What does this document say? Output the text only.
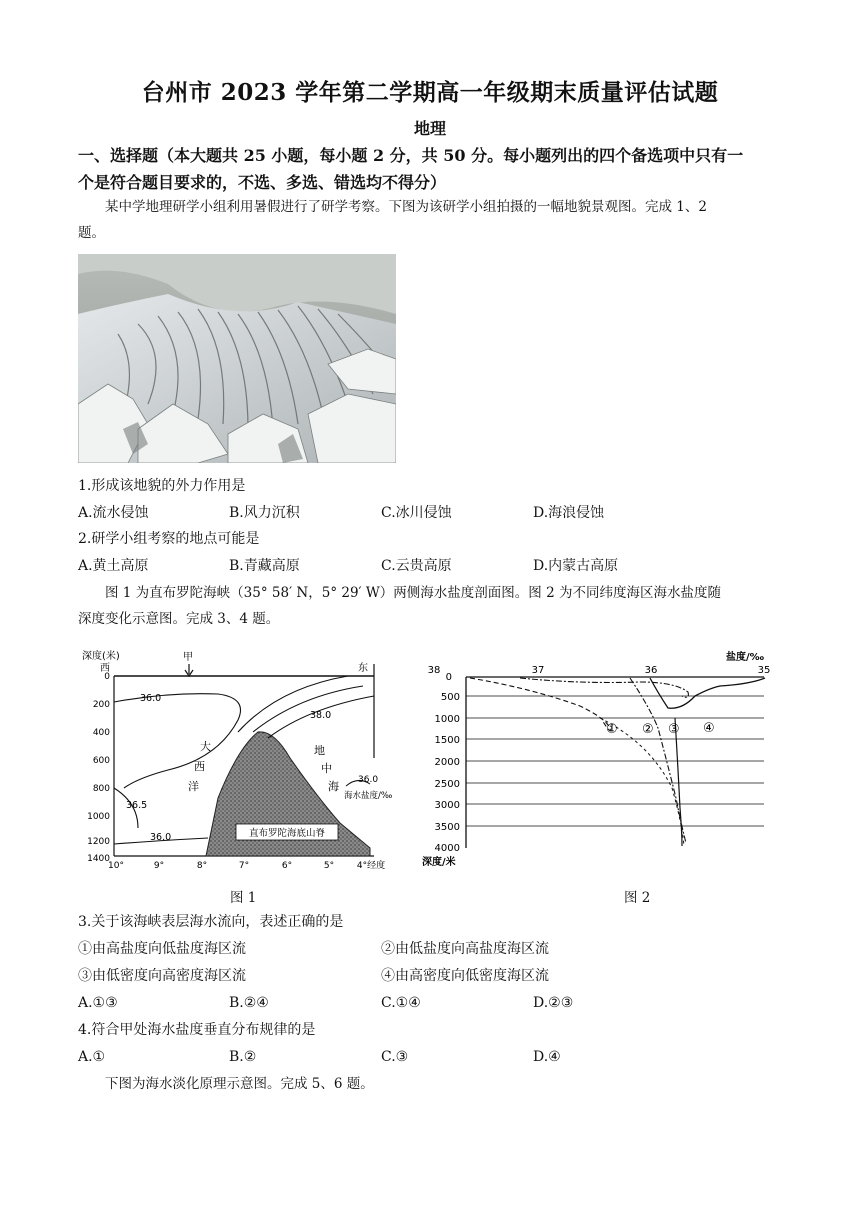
台州市 2023 学年第二学期高一年级期末质量评估试题
地理
一、选择题（本大题共 25 小题，每小题 2 分，共 50 分。每小题列出的四个备选项中只有一
个是符合题目要求的，不选、多选、错选均不得分）
某中学地理研学小组利用暑假进行了研学考察。下图为该研学小组拍摄的一幅地貌景观图。完成 1、2
题。
1.形成该地貌的外力作用是
A.流水侵蚀	B.风力沉积	C.冰川侵蚀	D.海浪侵蚀
2.研学小组考察的地点可能是
A.黄土高原	B.青藏高原	C.云贵高原	D.内蒙古高原
图 1 为直布罗陀海峡（35° 58′ N，5° 29′ W）两侧海水盐度剖面图。图 2 为不同纬度海区海水盐度随
深度变化示意图。完成 3、4 题。
深度(米)
西	东
甲
0
200
400
600
800
1000
1200
1400
10°	9°	8°	7°	6°	5°	4°经度
直布罗陀海底山脊
36.0
38.0
36.5
36.0
大
西
洋
地
中
海 36.0
海水盐度/‰
图 1
盐度/‰
38	37	36	35
0
500
1000
1500
2000
2500
3000
3500
4000
深度/米
① ② ③ ④
图 2
3.关于该海峡表层海水流向，表述正确的是
①由高盐度向低盐度海区流	②由低盐度向高盐度海区流
③由低密度向高密度海区流	④由高密度向低密度海区流
A.①③	B.②④	C.①④	D.②③
4.符合甲处海水盐度垂直分布规律的是
A.①	B.②	C.③	D.④
下图为海水淡化原理示意图。完成 5、6 题。
